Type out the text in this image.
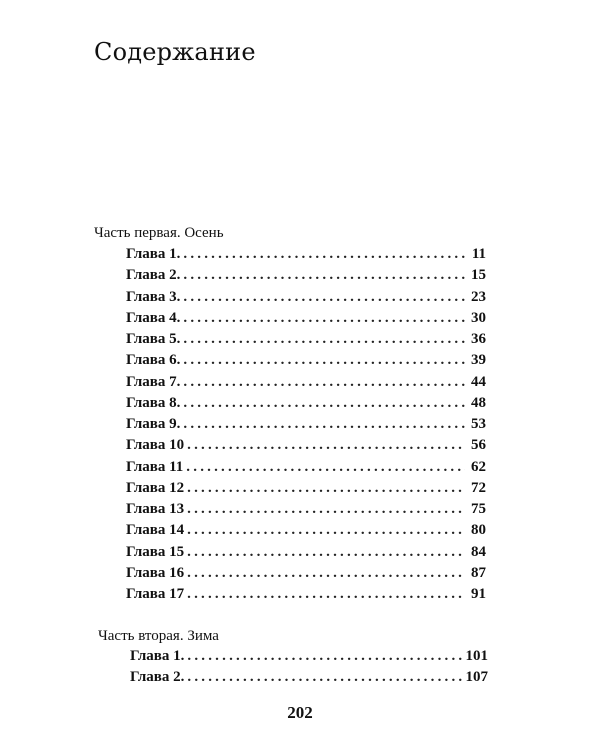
Содержание
Часть первая. Осень
Глава 1. .....	11
Глава 2. .....	15
Глава 3. .....	23
Глава 4. .....	30
Глава 5. .....	36
Глава 6. .....	39
Глава 7. .....	44
Глава 8. .....	48
Глава 9. .....	53
Глава 10 .....	56
Глава 11 .....	62
Глава 12 .....	72
Глава 13 .....	75
Глава 14 .....	80
Глава 15 .....	84
Глава 16 .....	87
Глава 17 .....	91
Часть вторая. Зима
Глава 1. .....	101
Глава 2. .....	107
202
